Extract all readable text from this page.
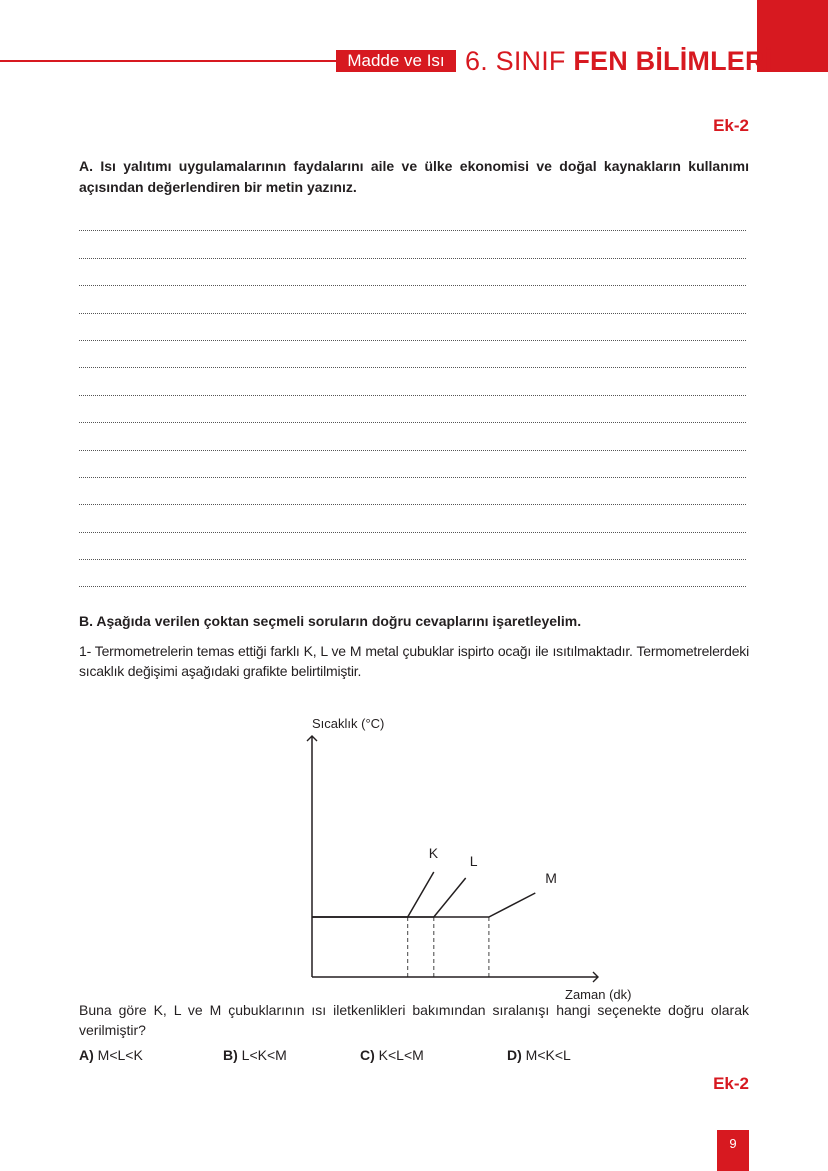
Madde ve Isı 6. SINIF FEN BİLİMLERİ
Ek-2
A. Isı yalıtımı uygulamalarının faydalarını aile ve ülke ekonomisi ve doğal kaynakların kullanımı açısından değerlendiren bir metin yazınız.
B. Aşağıda verilen çoktan seçmeli soruların doğru cevaplarını işaretleyelim.
1- Termometrelerin temas ettiği farklı K, L ve M metal çubuklar ispirto ocağı ile ısıtılmaktadır. Termometrelerdeki sıcaklık değişimi aşağıdaki grafikte belirtilmiştir.
Sıcaklık (°C)
Zaman (dk)
K L
M
Buna göre K, L ve M çubuklarının ısı iletkenlikleri bakımından sıralanışı hangi seçenekte doğru olarak verilmiştir?
A) M<L<K	B) L<K<M	C) K<L<M	D) M<K<L
Ek-2
9
